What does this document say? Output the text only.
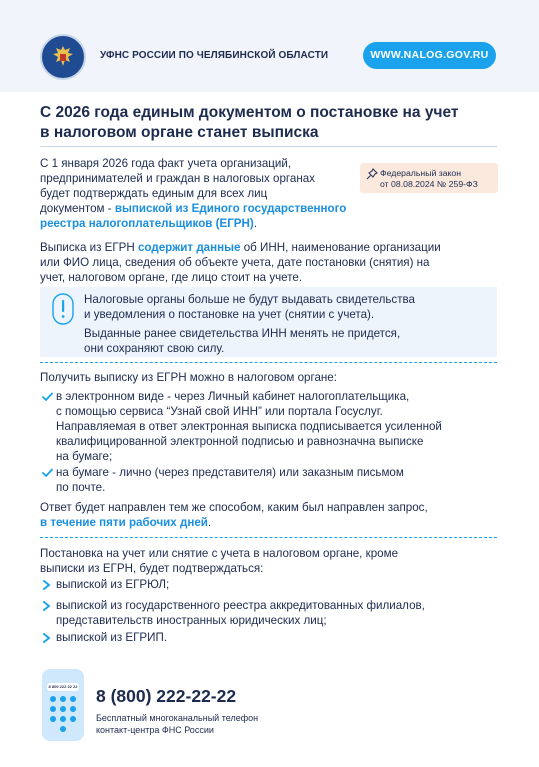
УФНС РОССИИ ПО ЧЕЛЯБИНСКОЙ ОБЛАСТИ	WWW.NALOG.GOV.RU
С 2026 года единым документом о постановке на учет
в налоговом органе станет выписка
С 1 января 2026 года факт учета организаций,
предпринимателей и граждан в налоговых органах
будет подтверждать единым для всех лиц
документом - выпиской из Единого государственного
реестра налогоплательщиков (ЕГРН).
Федеральный закон
от 08.08.2024 № 259-ФЗ
Выписка из ЕГРН содержит данные об ИНН, наименование организации
или ФИО лица, сведения об объекте учета, дате постановки (снятия) на
учет, налоговом органе, где лицо стоит на учете.
Налоговые органы больше не будут выдавать свидетельства
и уведомления о постановке на учет (снятии с учета).
Выданные ранее свидетельства ИНН менять не придется,
они сохраняют свою силу.
Получить выписку из ЕГРН можно в налоговом органе:
в электронном виде - через Личный кабинет налогоплательщика,
с помощью сервиса “Узнай свой ИНН” или портала Госуслуг.
Направляемая в ответ электронная выписка подписывается усиленной
квалифицированной электронной подписью и равнозначна выписке
на бумаге;
на бумаге - лично (через представителя) или заказным письмом
по почте.
Ответ будет направлен тем же способом, каким был направлен запрос,
в течение пяти рабочих дней.
Постановка на учет или снятие с учета в налоговом органе, кроме
выписки из ЕГРН, будет подтверждаться:
выпиской из ЕГРЮЛ;
выпиской из государственного реестра аккредитованных филиалов,
представительств иностранных юридических лиц;
выпиской из ЕГРИП.
8 800 222 22 22 8 (800) 222-22-22
Бесплатный многоканальный телефон
контакт-центра ФНС России
